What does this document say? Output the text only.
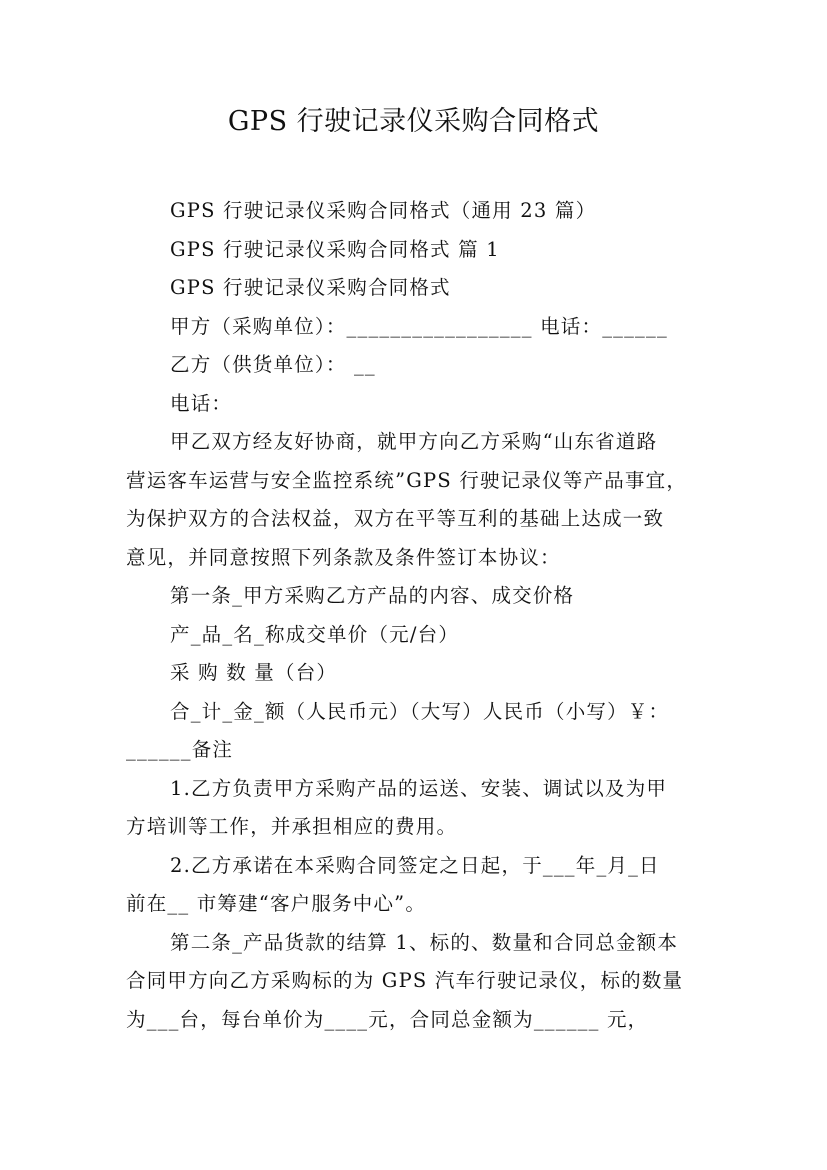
GPS 行驶记录仪采购合同格式

GPS 行驶记录仪采购合同格式（通用 23 篇）

GPS 行驶记录仪采购合同格式 篇 1

GPS 行驶记录仪采购合同格式

甲方（采购单位）：_________________ 电话：______

乙方（供货单位）： __

电话：

甲乙双方经友好协商，就甲方向乙方采购“山东省道路

营运客车运营与安全监控系统”GPS 行驶记录仪等产品事宜，

为保护双方的合法权益，双方在平等互利的基础上达成一致

意见，并同意按照下列条款及条件签订本协议：

第一条_甲方采购乙方产品的内容、成交价格

产_品_名_称成交单价（元/台）

采 购 数 量（台）

合_计_金_额（人民币元）（大写）人民币（小写）￥：

______备注

1.乙方负责甲方采购产品的运送、安装、调试以及为甲

方培训等工作，并承担相应的费用。

2.乙方承诺在本采购合同签定之日起，于___年_月_日

前在__ 市筹建“客户服务中心”。

第二条_产品货款的结算 1、标的、数量和合同总金额本

合同甲方向乙方采购标的为 GPS 汽车行驶记录仪，标的数量

为___台，每台单价为____元，合同总金额为______ 元，
